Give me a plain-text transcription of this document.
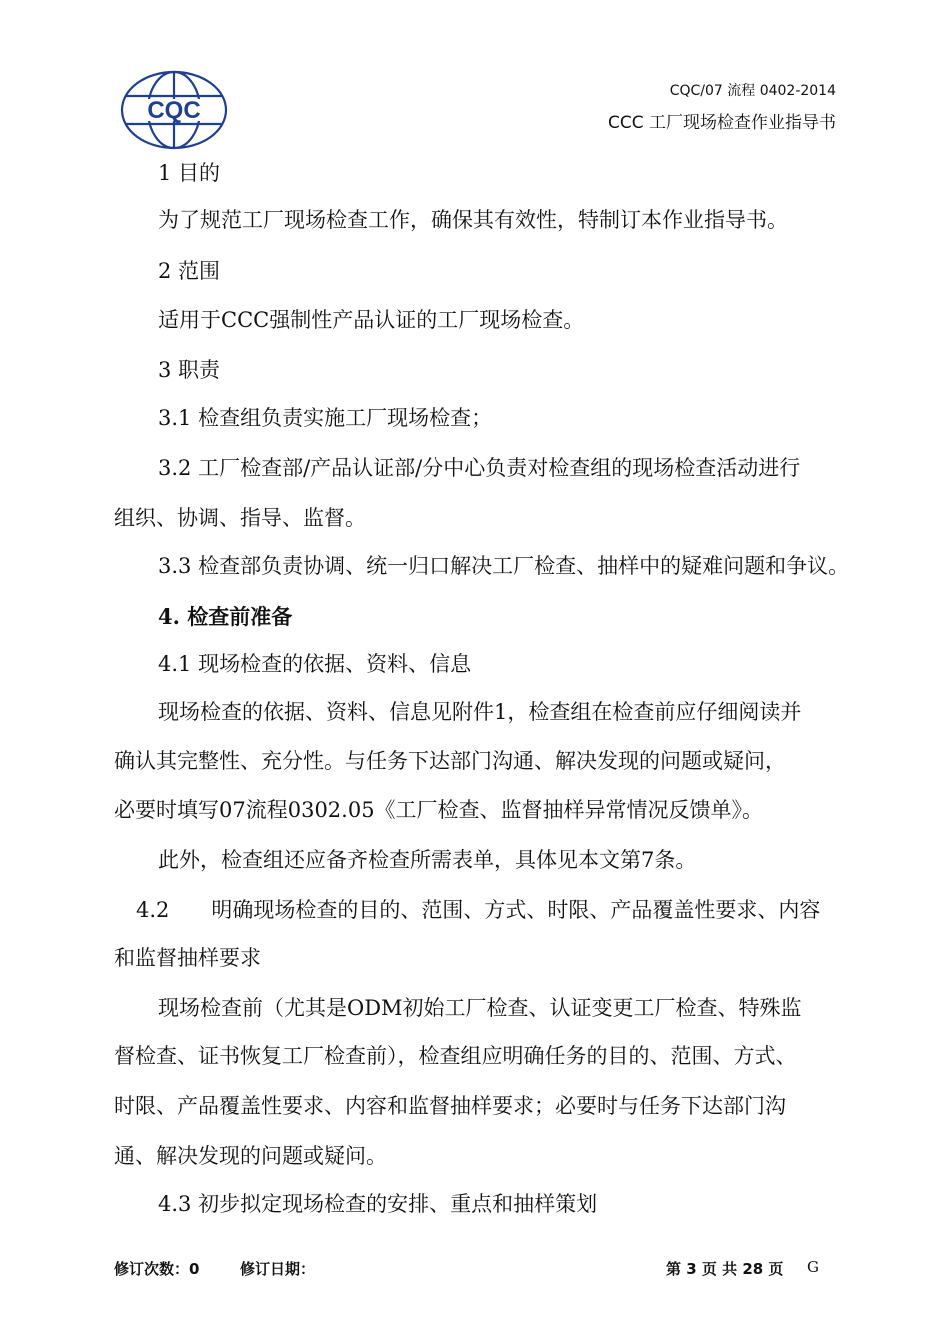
CQC
CQC/07 流程 0402-2014
CCC 工厂现场检查作业指导书
1 目的
为了规范工厂现场检查工作，确保其有效性，特制订本作业指导书。
2 范围
适用于CCC强制性产品认证的工厂现场检查。
3 职责
3.1 检查组负责实施工厂现场检查；
3.2 工厂检查部/产品认证部/分中心负责对检查组的现场检查活动进行
组织、协调、指导、监督。
3.3 检查部负责协调、统一归口解决工厂检查、抽样中的疑难问题和争议。
4. 检查前准备
4.1 现场检查的依据、资料、信息
现场检查的依据、资料、信息见附件1，检查组在检查前应仔细阅读并
确认其完整性、充分性。与任务下达部门沟通、解决发现的问题或疑问，
必要时填写07流程0302.05《工厂检查、监督抽样异常情况反馈单》。
此外，检查组还应备齐检查所需表单，具体见本文第7条。
4.2　　明确现场检查的目的、范围、方式、时限、产品覆盖性要求、内容
和监督抽样要求
现场检查前（尤其是ODM初始工厂检查、认证变更工厂检查、特殊监
督检查、证书恢复工厂检查前），检查组应明确任务的目的、范围、方式、
时限、产品覆盖性要求、内容和监督抽样要求；必要时与任务下达部门沟
通、解决发现的问题或疑问。
4.3 初步拟定现场检查的安排、重点和抽样策划
修订次数：0	修订日期：	第 3 页 共 28 页 G
